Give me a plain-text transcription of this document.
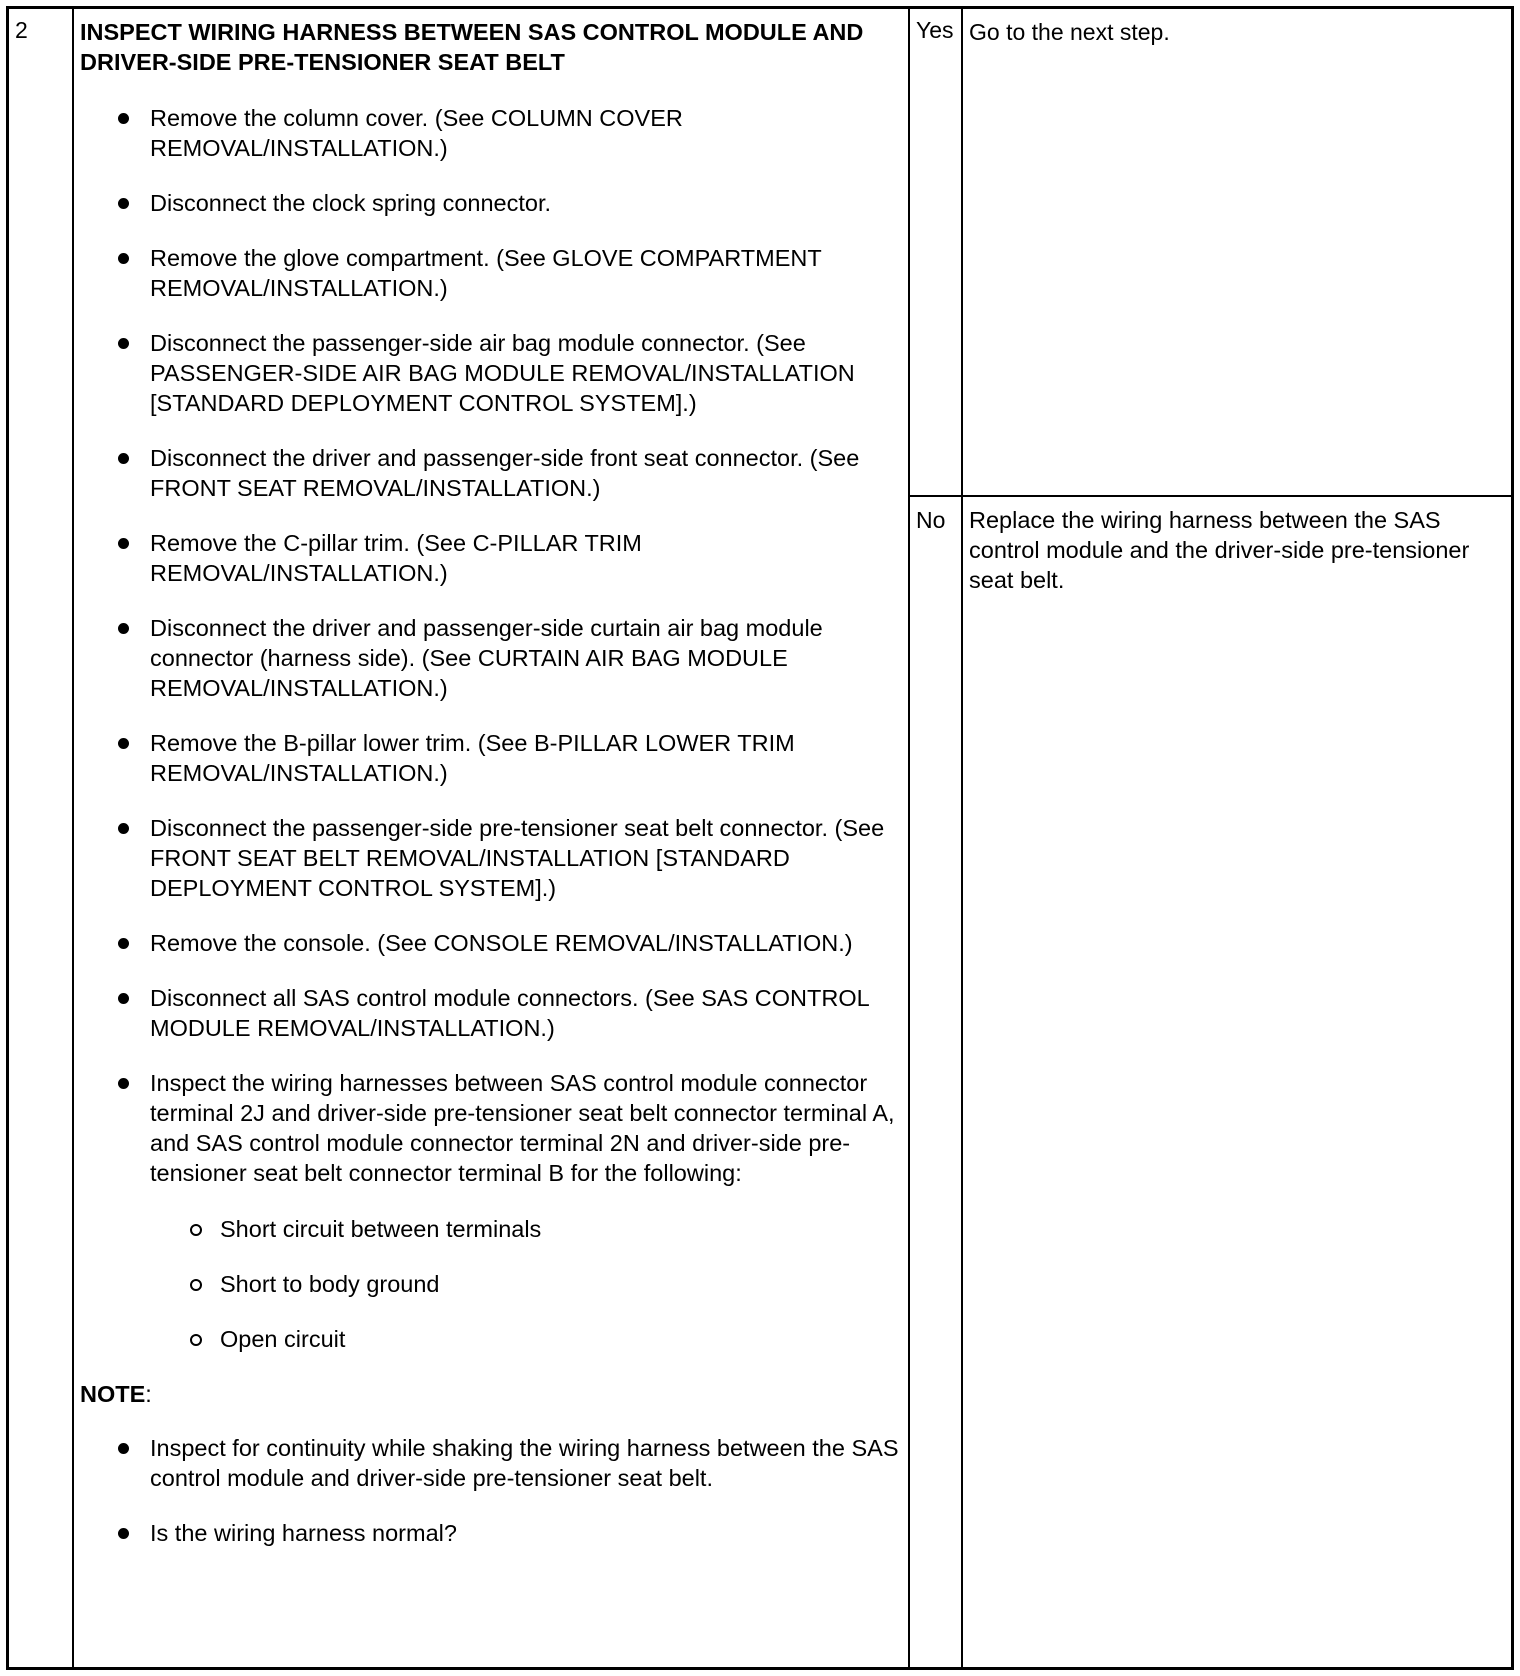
2	INSPECT WIRING HARNESS BETWEEN SAS CONTROL MODULE AND DRIVER-SIDE PRE-TENSIONER SEAT BELT
Remove the column cover. (See COLUMN COVER REMOVAL/INSTALLATION.)
Disconnect the clock spring connector.
Remove the glove compartment. (See GLOVE COMPARTMENT REMOVAL/INSTALLATION.)
Disconnect the passenger-side air bag module connector. (See PASSENGER-SIDE AIR BAG MODULE REMOVAL/INSTALLATION [STANDARD DEPLOYMENT CONTROL SYSTEM].)
Disconnect the driver and passenger-side front seat connector. (See FRONT SEAT REMOVAL/INSTALLATION.)
Remove the C-pillar trim. (See C-PILLAR TRIM REMOVAL/INSTALLATION.)
Disconnect the driver and passenger-side curtain air bag module connector (harness side). (See CURTAIN AIR BAG MODULE REMOVAL/INSTALLATION.)
Remove the B-pillar lower trim. (See B-PILLAR LOWER TRIM REMOVAL/INSTALLATION.)
Disconnect the passenger-side pre-tensioner seat belt connector. (See FRONT SEAT BELT REMOVAL/INSTALLATION [STANDARD DEPLOYMENT CONTROL SYSTEM].)
Remove the console. (See CONSOLE REMOVAL/INSTALLATION.)
Disconnect all SAS control module connectors. (See SAS CONTROL MODULE REMOVAL/INSTALLATION.)
Inspect the wiring harnesses between SAS control module connector terminal 2J and driver-side pre-tensioner seat belt connector terminal A, and SAS control module connector terminal 2N and driver-side pre-tensioner seat belt connector terminal B for the following:
Short circuit between terminals
Short to body ground
Open circuit
NOTE:
Inspect for continuity while shaking the wiring harness between the SAS control module and driver-side pre-tensioner seat belt.
Is the wiring harness normal?
Yes Go to the next step.
No	Replace the wiring harness between the SAS control module and the driver-side pre-tensioner seat belt.
